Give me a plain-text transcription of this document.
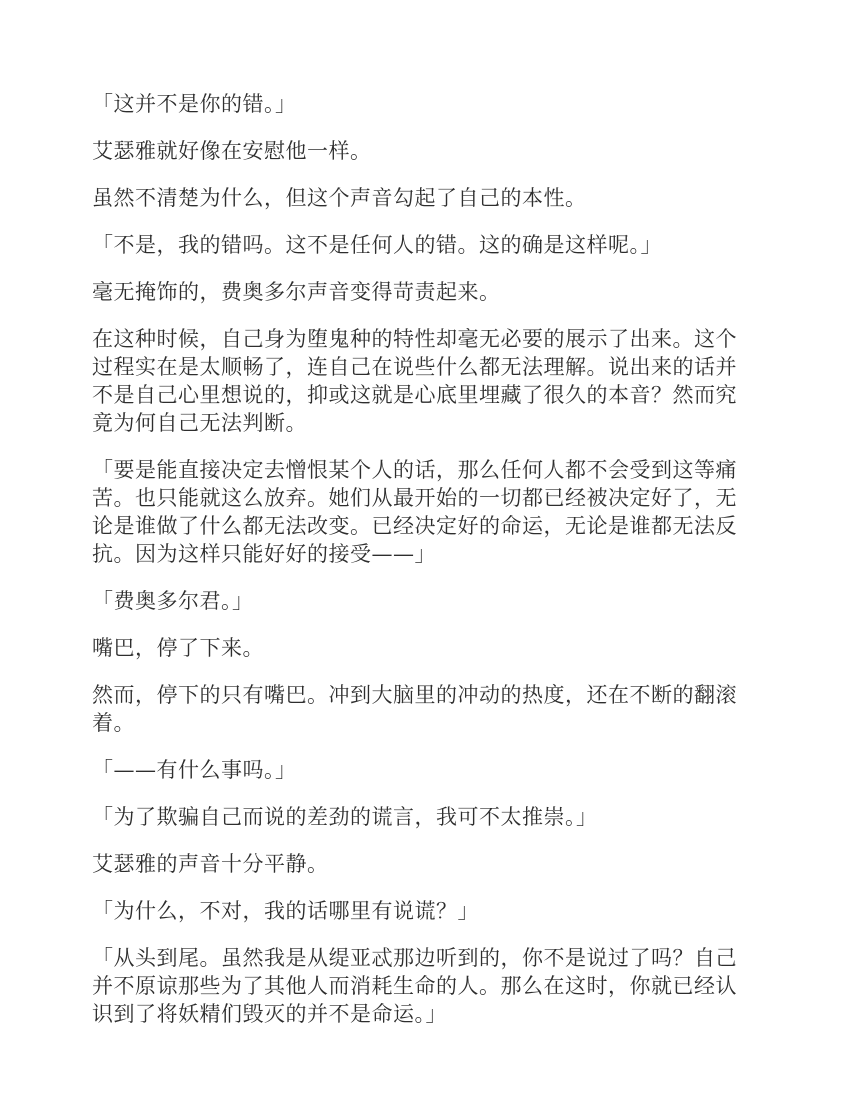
「这并不是你的错。」

艾瑟雅就好像在安慰他一样。

虽然不清楚为什么，但这个声音勾起了自己的本性。

「不是，我的错吗。这不是任何人的错。这的确是这样呢。」

毫无掩饰的，费奥多尔声音变得苛责起来。

在这种时候，自己身为堕鬼种的特性却毫无必要的展示了出来。这个过程实在是太顺畅了，连自己在说些什么都无法理解。说出来的话并不是自己心里想说的，抑或这就是心底里埋藏了很久的本音？然而究竟为何自己无法判断。

「要是能直接决定去憎恨某个人的话，那么任何人都不会受到这等痛苦。也只能就这么放弃。她们从最开始的一切都已经被决定好了，无论是谁做了什么都无法改变。已经决定好的命运，无论是谁都无法反抗。因为这样只能好好的接受——」

「费奥多尔君。」

嘴巴，停了下来。

然而，停下的只有嘴巴。冲到大脑里的冲动的热度，还在不断的翻滚着。

「——有什么事吗。」

「为了欺骗自己而说的差劲的谎言，我可不太推崇。」

艾瑟雅的声音十分平静。

「为什么，不对，我的话哪里有说谎？」

「从头到尾。虽然我是从缇亚忒那边听到的，你不是说过了吗？自己并不原谅那些为了其他人而消耗生命的人。那么在这时，你就已经认识到了将妖精们毁灭的并不是命运。」
